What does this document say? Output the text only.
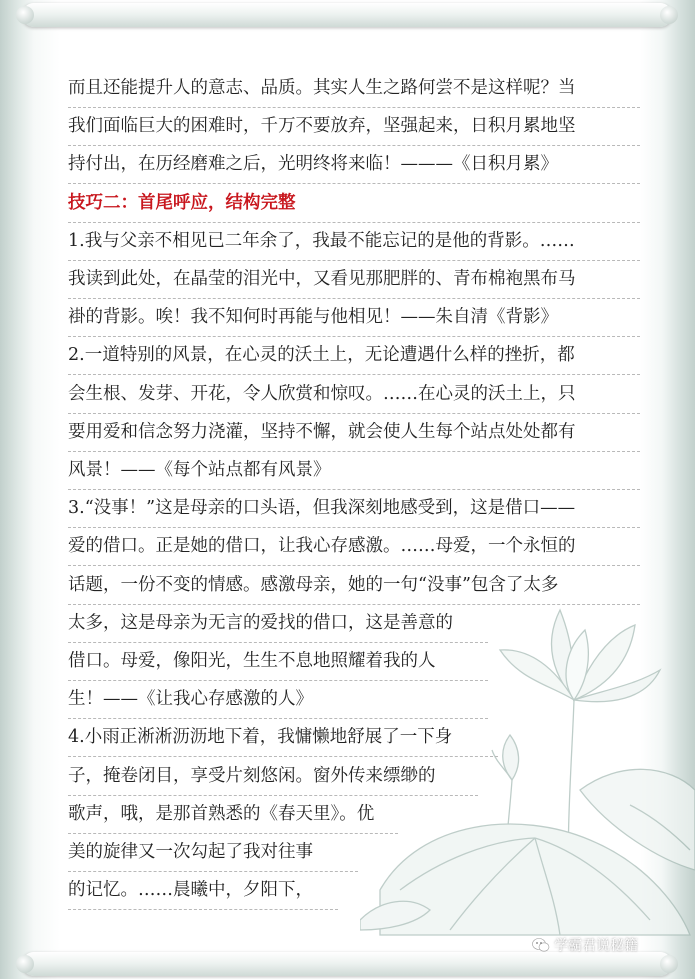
而且还能提升人的意志、品质。其实人生之路何尝不是这样呢？当
我们面临巨大的困难时，千万不要放弃，坚强起来，日积月累地坚
持付出，在历经磨难之后，光明终将来临！———《日积月累》
技巧二：首尾呼应，结构完整
1.我与父亲不相见已二年余了，我最不能忘记的是他的背影。……
我读到此处，在晶莹的泪光中，又看见那肥胖的、青布棉袍黑布马
褂的背影。唉！我不知何时再能与他相见！——朱自清《背影》
2.一道特别的风景，在心灵的沃土上，无论遭遇什么样的挫折，都
会生根、发芽、开花，令人欣赏和惊叹。……在心灵的沃土上，只
要用爱和信念努力浇灌，坚持不懈，就会使人生每个站点处处都有
风景！——《每个站点都有风景》
3.“没事！”这是母亲的口头语，但我深刻地感受到，这是借口——
爱的借口。正是她的借口，让我心存感激。……母爱，一个永恒的
话题，一份不变的情感。感激母亲，她的一句“没事”包含了太多
太多，这是母亲为无言的爱找的借口，这是善意的
借口。母爱，像阳光，生生不息地照耀着我的人
生！——《让我心存感激的人》
4.小雨正淅淅沥沥地下着，我慵懒地舒展了一下身
子，掩卷闭目，享受片刻悠闲。窗外传来缥缈的
歌声，哦，是那首熟悉的《春天里》。优
美的旋律又一次勾起了我对往事
的记忆。……晨曦中，夕阳下，
学霸君说秘籍
